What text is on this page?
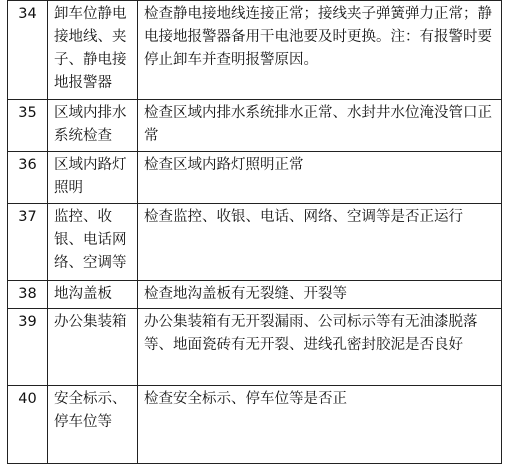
34	卸车位静电接地线、夹子、静电接地报警器	检查静电接地线连接正常；接线夹子弹簧弹力正常；静电接地报警器备用干电池要及时更换。注：有报警时要停止卸车并查明报警原因。
35	区域内排水系统检查	检查区域内排水系统排水正常、水封井水位淹没管口正常
36	区域内路灯照明	检查区域内路灯照明正常
37	监控、收银、电话网络、空调等	检查监控、收银、电话、网络、空调等是否正运行
38	地沟盖板	检查地沟盖板有无裂缝、开裂等
39	办公集装箱	办公集装箱有无开裂漏雨、公司标示等有无油漆脱落等、地面瓷砖有无开裂、进线孔密封胶泥是否良好
40	安全标示、停车位等	检查安全标示、停车位等是否正
